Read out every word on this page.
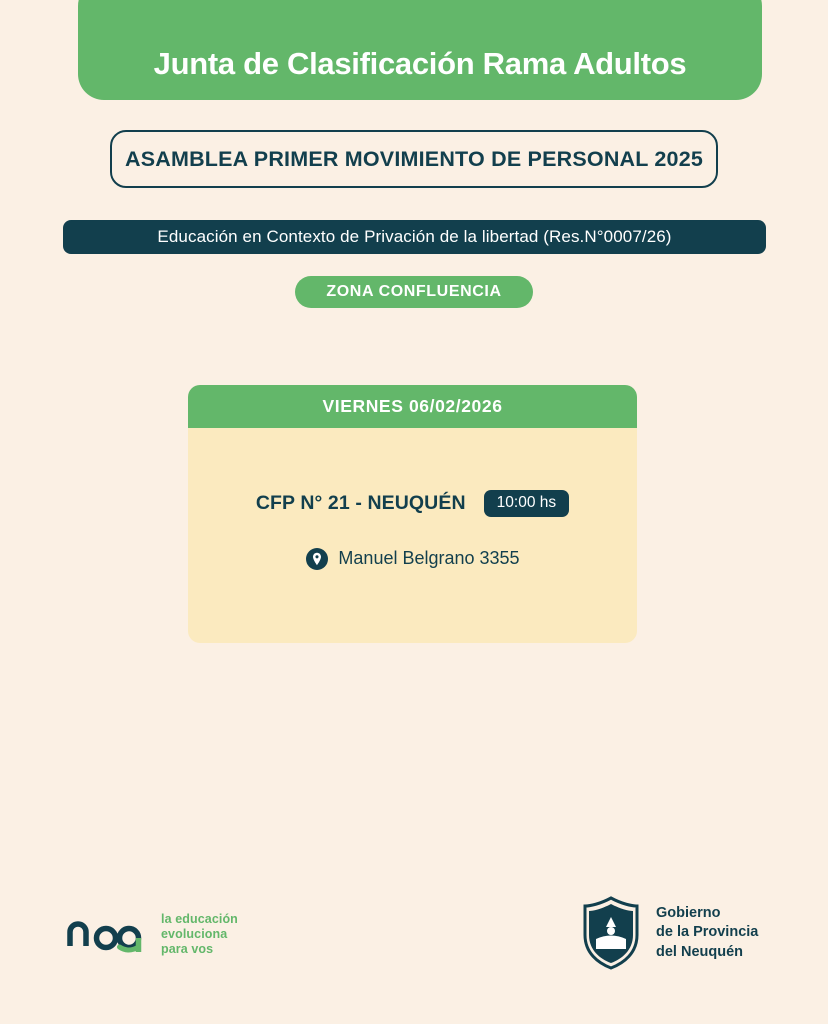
Junta de Clasificación Rama Adultos
ASAMBLEA PRIMER MOVIMIENTO DE PERSONAL 2025
Educación en Contexto de Privación de la libertad (Res.N°0007/26)
ZONA CONFLUENCIA
VIERNES 06/02/2026
CFP N° 21 - NEUQUÉN	10:00 hs
Manuel Belgrano 3355
la educación
evoluciona
para vos
Gobierno
de la Provincia
del Neuquén
